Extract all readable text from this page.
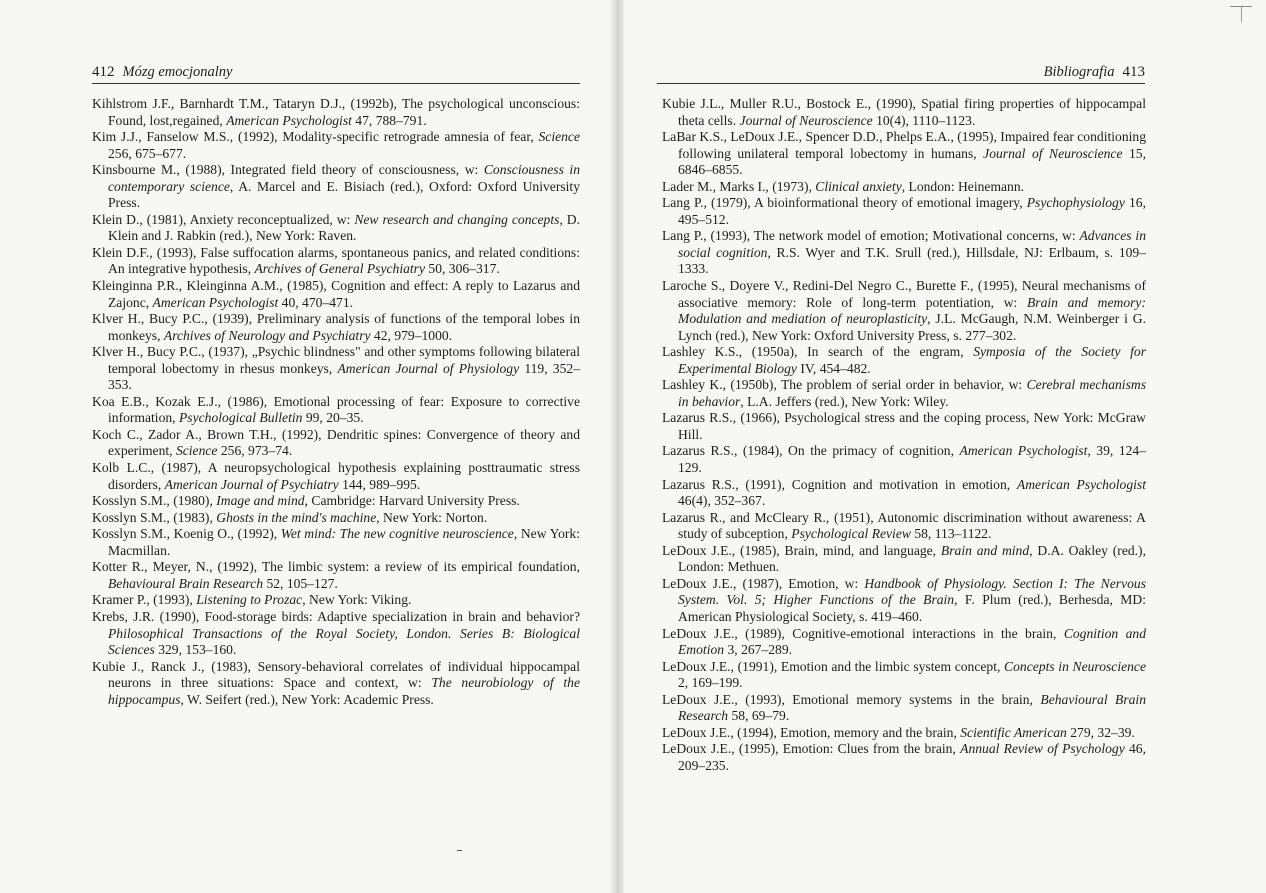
412 Mózg emocjonalny

Kihlstrom J.F., Barnhardt T.M., Tataryn D.J., (1992b), The psychological unconscious: Found, lost,regained, American Psychologist 47, 788–791.

Kim J.J., Fanselow M.S., (1992), Modality-specific retrograde amnesia of fear, Science 256, 675–677.

Kinsbourne M., (1988), Integrated field theory of consciousness, w: Consciousness in contemporary science, A. Marcel and E. Bisiach (red.), Oxford: Oxford University Press.

Klein D., (1981), Anxiety reconceptualized, w: New research and changing concepts, D. Klein and J. Rabkin (red.), New York: Raven.

Klein D.F., (1993), False suffocation alarms, spontaneous panics, and related conditions: An integrative hypothesis, Archives of General Psychiatry 50, 306–317.

Kleinginna P.R., Kleinginna A.M., (1985), Cognition and effect: A reply to Lazarus and Zajonc, American Psychologist 40, 470–471.

Klver H., Bucy P.C., (1939), Preliminary analysis of functions of the temporal lobes in monkeys, Archives of Neurology and Psychiatry 42, 979–1000.

Klver H., Bucy P.C., (1937), „Psychic blindness" and other symptoms following bilateral temporal lobectomy in rhesus monkeys, American Journal of Physiology 119, 352–353.

Koa E.B., Kozak E.J., (1986), Emotional processing of fear: Exposure to corrective information, Psychological Bulletin 99, 20–35.

Koch C., Zador A., Brown T.H., (1992), Dendritic spines: Convergence of theory and experiment, Science 256, 973–74.

Kolb L.C., (1987), A neuropsychological hypothesis explaining posttraumatic stress disorders, American Journal of Psychiatry 144, 989–995.

Kosslyn S.M., (1980), Image and mind, Cambridge: Harvard University Press.

Kosslyn S.M., (1983), Ghosts in the mind's machine, New York: Norton.

Kosslyn S.M., Koenig O., (1992), Wet mind: The new cognitive neuroscience, New York: Macmillan.

Kotter R., Meyer, N., (1992), The limbic system: a review of its empirical foundation, Behavioural Brain Research 52, 105–127.

Kramer P., (1993), Listening to Prozac, New York: Viking.

Krebs, J.R. (1990), Food-storage birds: Adaptive specialization in brain and behavior? Philosophical Transactions of the Royal Society, London. Series B: Biological Sciences 329, 153–160.

Kubie J., Ranck J., (1983), Sensory-behavioral correlates of individual hippocampal neurons in three situations: Space and context, w: The neurobiology of the hippocampus, W. Seifert (red.), New York: Academic Press.

Bibliografia 413

Kubie J.L., Muller R.U., Bostock E., (1990), Spatial firing properties of hippocampal theta cells. Journal of Neuroscience 10(4), 1110–1123.

LaBar K.S., LeDoux J.E., Spencer D.D., Phelps E.A., (1995), Impaired fear conditioning following unilateral temporal lobectomy in humans, Journal of Neuroscience 15, 6846–6855.

Lader M., Marks I., (1973), Clinical anxiety, London: Heinemann.

Lang P., (1979), A bioinformational theory of emotional imagery, Psychophysiology 16, 495–512.

Lang P., (1993), The network model of emotion; Motivational concerns, w: Advances in social cognition, R.S. Wyer and T.K. Srull (red.), Hillsdale, NJ: Erlbaum, s. 109–1333.

Laroche S., Doyere V., Redini-Del Negro C., Burette F., (1995), Neural mechanisms of associative memory: Role of long-term potentiation, w: Brain and memory: Modulation and mediation of neuroplasticity, J.L. McGaugh, N.M. Weinberger i G. Lynch (red.), New York: Oxford University Press, s. 277–302.

Lashley K.S., (1950a), In search of the engram, Symposia of the Society for Experimental Biology IV, 454–482.

Lashley K., (1950b), The problem of serial order in behavior, w: Cerebral mechanisms in behavior, L.A. Jeffers (red.), New York: Wiley.

Lazarus R.S., (1966), Psychological stress and the coping process, New York: McGraw Hill.

Lazarus R.S., (1984), On the primacy of cognition, American Psychologist, 39, 124–129.

Lazarus R.S., (1991), Cognition and motivation in emotion, American Psychologist 46(4), 352–367.

Lazarus R., and McCleary R., (1951), Autonomic discrimination without awareness: A study of subception, Psychological Review 58, 113–1122.

LeDoux J.E., (1985), Brain, mind, and language, Brain and mind, D.A. Oakley (red.), London: Methuen.

LeDoux J.E., (1987), Emotion, w: Handbook of Physiology. Section I: The Nervous System. Vol. 5; Higher Functions of the Brain, F. Plum (red.), Berhesda, MD: American Physiological Society, s. 419–460.

LeDoux J.E., (1989), Cognitive-emotional interactions in the brain, Cognition and Emotion 3, 267–289.

LeDoux J.E., (1991), Emotion and the limbic system concept, Concepts in Neuroscience 2, 169–199.

LeDoux J.E., (1993), Emotional memory systems in the brain, Behavioural Brain Research 58, 69–79.

LeDoux J.E., (1994), Emotion, memory and the brain, Scientific American 279, 32–39.

LeDoux J.E., (1995), Emotion: Clues from the brain, Annual Review of Psychology 46, 209–235.
